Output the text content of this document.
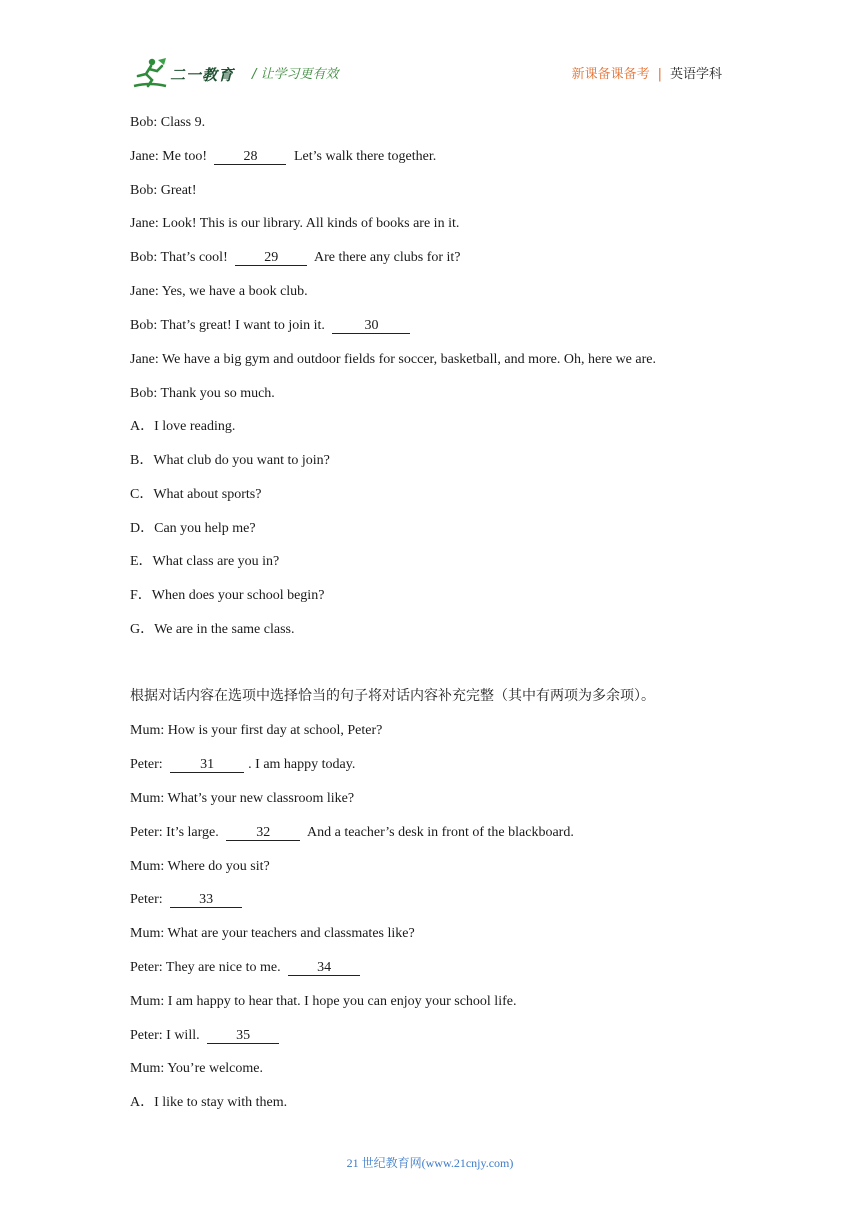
二一教育 / 让学习更有效	新课备课备考 | 英语学科
Bob: Class 9.
Jane: Me too! 28 Let’s walk there together.
Bob: Great!
Jane: Look! This is our library. All kinds of books are in it.
Bob: That’s cool! 29 Are there any clubs for it?
Jane: Yes, we have a book club.
Bob: That’s great! I want to join it.	30
Jane: We have a big gym and outdoor fields for soccer, basketball, and more. Oh, here we are.
Bob: Thank you so much.
A．I love reading.
B．What club do you want to join?
C．What about sports?
D．Can you help me?
E．What class are you in?
F．When does your school begin?
G．We are in the same class.
根据对话内容在选项中选择恰当的句子将对话内容补充完整（其中有两项为多余项）。
Mum: How is your first day at school, Peter?
Peter: 31 . I am happy today.
Mum: What’s your new classroom like?
Peter: It’s large. 32 And a teacher’s desk in front of the blackboard.
Mum: Where do you sit?
Peter: 33
Mum: What are your teachers and classmates like?
Peter: They are nice to me. 34
Mum: I am happy to hear that. I hope you can enjoy your school life.
Peter: I will. 35
Mum: You’re welcome.
A．I like to stay with them.
21 世纪教育网(www.21cnjy.com)
